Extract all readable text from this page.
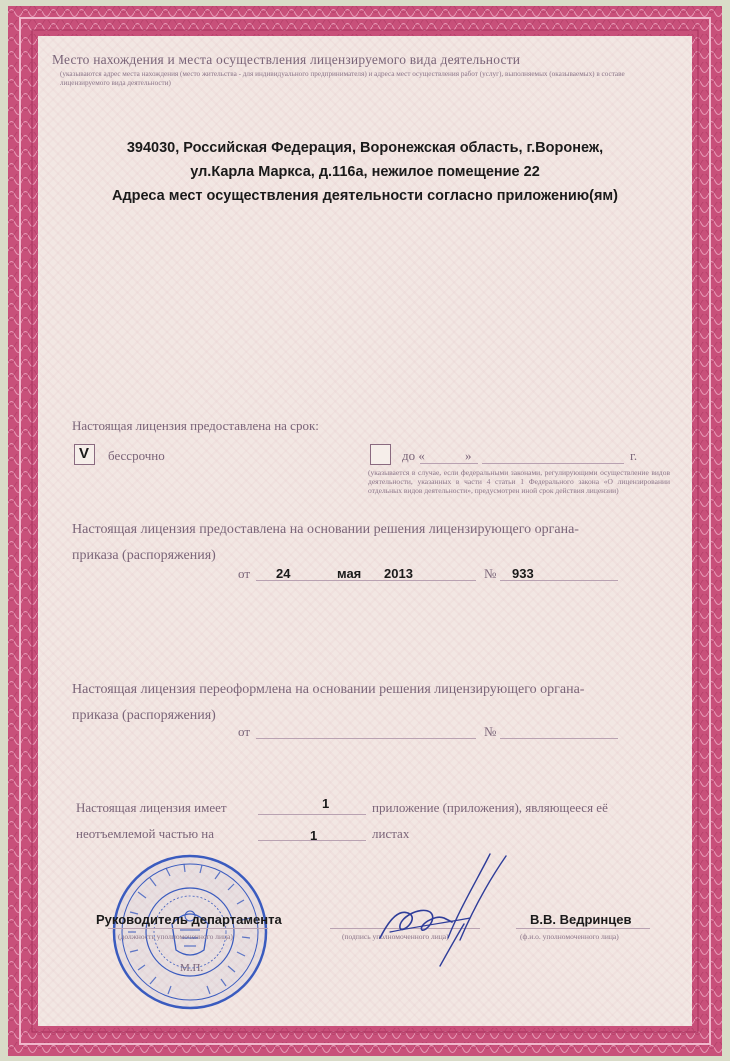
Место нахождения и места осуществления лицензируемого вида деятельности
(указываются адрес места нахождения (место жительства - для индивидуального предпринимателя) и адреса мест осуществления работ (услуг), выполняемых (оказываемых) в составе лицензируемого вида деятельности)
394030, Российская Федерация, Воронежская область, г.Воронеж,
ул.Карла Маркса, д.116а, нежилое помещение 22
Адреса мест осуществления деятельности согласно приложению(ям)
Настоящая лицензия предоставлена на срок:
V бессрочно	до «	»	г.
(указывается в случае, если федеральными законами, регулирующими осуществление видов деятельности, указанных в части 4 статьи 1 Федерального закона «О лицензировании отдельных видов деятельности», предусмотрен иной срок действия лицензии)
Настоящая лицензия предоставлена на основании решения лицензирующего органа-
приказа (распоряжения)
от 24	мая 2013	№ 933
Настоящая лицензия переоформлена на основании решения лицензирующего органа-
приказа (распоряжения)
от	№
Настоящая лицензия имеет	1	приложение (приложения), являющееся её
неотъемлемой частью на	1	листах
Руководитель департамента
(должность уполномоченного лица)
М.П.
(подпись уполномоченного лица)
В.В. Ведринцев
(ф.и.о. уполномоченного лица)
